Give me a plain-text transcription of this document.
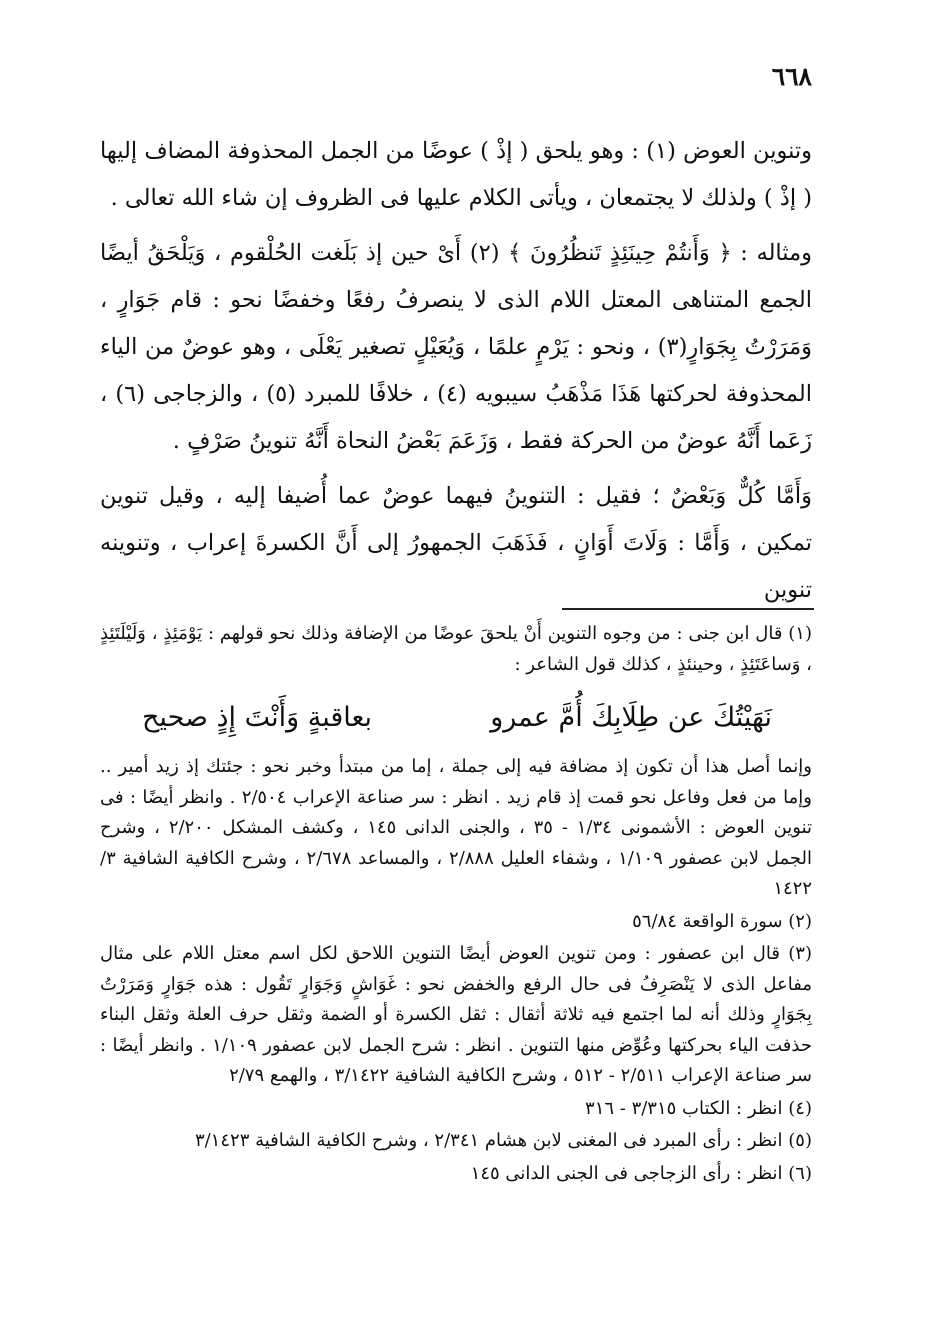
٦٦٨

وتنوين العوض (١) : وهو يلحق ( إذْ ) عوضًا من الجمل المحذوفة المضاف إليها ( إذْ ) ولذلك لا يجتمعان ، ويأتى الكلام عليها فى الظروف إن شاء الله تعالى .

ومثاله : ﴿ وَأَنتُمْ حِينَئِذٍ تَنظُرُونَ ﴾ (٢) أَىْ حين إذ بَلَغت الحُلْقوم ، وَيَلْحَقُ أيضًا الجمع المتناهى المعتل اللام الذى لا ينصرفُ رفعًا وخفضًا نحو : قام جَوَارٍ ، وَمَرَرْتُ بِجَوَارٍ(٣) ، ونحو : يَرْمٍ علمًا ، وَيُعَيْلٍ تصغير يَعْلَى ، وهو عوضٌ من الياء المحذوفة لحركتها هَذَا مَذْهَبُ سيبويه (٤) ، خلافًا للمبرد (٥) ، والزجاجى (٦) ، زَعَما أَنَّهُ عوضٌ من الحركة فقط ، وَزَعَمَ بَعْضُ النحاة أَنَّهُ تنوينُ صَرْفٍ .

وَأَمَّا كُلٌّ وَبَعْضٌ ؛ فقيل : التنوينُ فيهما عوضٌ عما أُضيفا إليه ، وقيل تنوين تمكين ، وَأَمَّا : وَلَاتَ أَوَانٍ ، فَذَهَبَ الجمهورُ إلى أَنَّ الكسرةَ إعراب ، وتنوينه تنوين

(١) قال ابن جنى : من وجوه التنوين أَنْ يلحقَ عوضًا من الإضافة وذلك نحو قولهم : يَوْمَئِذٍ ، وَلَيْلَتَئِذٍ ، وَساعَتَئِذٍ ، وحينئذٍ ، كذلك قول الشاعر :

نَهَيْتُكَ عن طِلَابِكَ أُمَّ عمرو
بعاقبةٍ وَأَنْتَ إِذٍ صحيح

وإنما أصل هذا أن تكون إذ مضافة فيه إلى جملة ، إما من مبتدأ وخبر نحو : جئتك إذ زيد أمير .. وإما من فعل وفاعل نحو قمت إذ قام زيد . انظر : سر صناعة الإعراب ٢/٥٠٤ . وانظر أيضًا : فى تنوين العوض : الأشمونى ١/٣٤ - ٣٥ ، والجنى الدانى ١٤٥ ، وكشف المشكل ٢/٢٠٠ ، وشرح الجمل لابن عصفور ١/١٠٩ ، وشفاء العليل ٢/٨٨٨ ، والمساعد ٢/٦٧٨ ، وشرح الكافية الشافية ٣/ ١٤٢٢

(٢) سورة الواقعة ٥٦/٨٤

(٣) قال ابن عصفور : ومن تنوين العوض أيضًا التنوين اللاحق لكل اسم معتل اللام على مثال مفاعل الذى لا يَنْصَرِفُ فى حال الرفع والخفض نحو : غَوَاشٍ وَجَوَارٍ تَقُول : هذه جَوَارٍ وَمَرَرْتُ بِجَوَارٍ وذلك أنه لما اجتمع فيه ثلاثة أثقال : ثقل الكسرة أو الضمة وثقل حرف العلة وثقل البناء حذفت الياء بحركتها وعُوِّض منها التنوين . انظر : شرح الجمل لابن عصفور ١/١٠٩ . وانظر أيضًا : سر صناعة الإعراب ٢/٥١١ - ٥١٢ ، وشرح الكافية الشافية ٣/١٤٢٢ ، والهمع ٢/٧٩

(٤) انظر : الكتاب ٣/٣١٥ - ٣١٦

(٥) انظر : رأى المبرد فى المغنى لابن هشام ٢/٣٤١ ، وشرح الكافية الشافية ٣/١٤٢٣

(٦) انظر : رأى الزجاجى فى الجنى الدانى ١٤٥
